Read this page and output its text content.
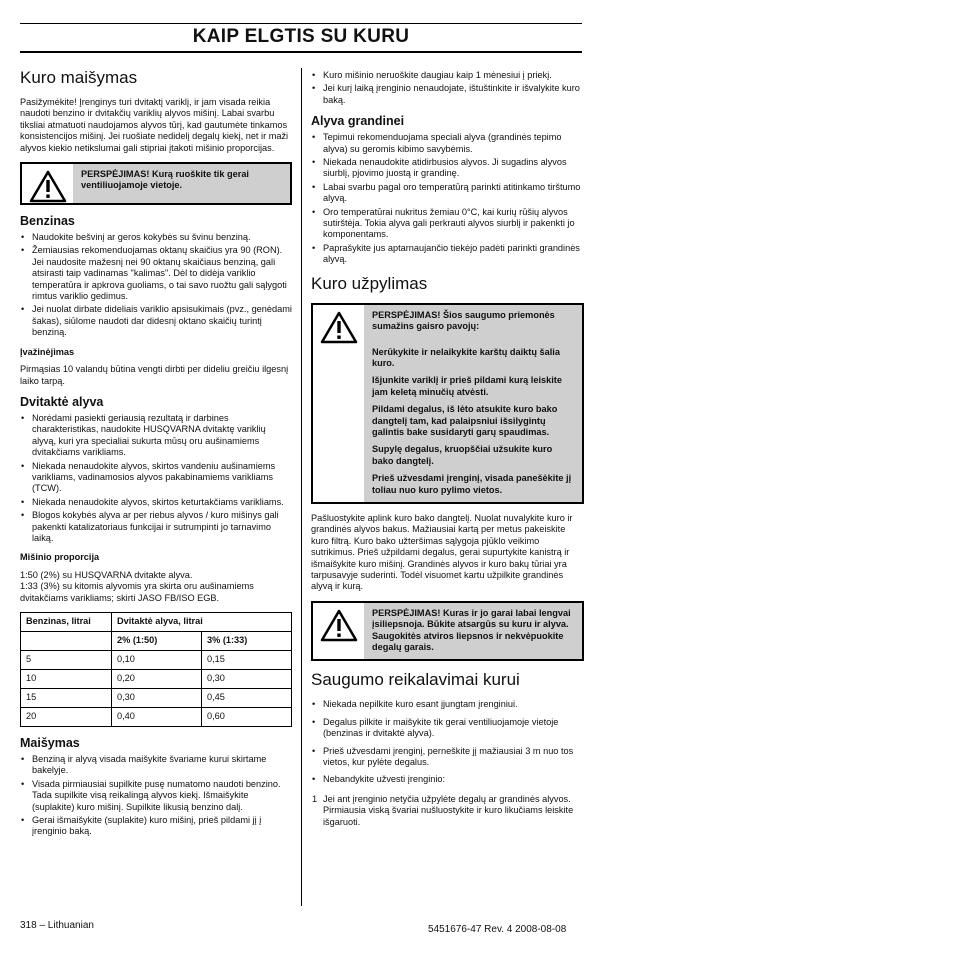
KAIP ELGTIS SU KURU
Kuro maišymas

Pasižymėkite! Įrenginys turi dvitaktį variklį, ir jam visada reikia naudoti benzino ir dvitakčių variklių alyvos mišinį. Labai svarbu tiksliai atmatuoti naudojamos alyvos tūrį, kad gautumėte tinkamos konsistencijos mišinį. Jei ruošiate nedidelį degalų kiekį, net ir maži alyvos kiekio netikslumai gali stipriai įtakoti mišinio proporcijas.

PERSPĖJIMAS! Kurą ruoškite tik gerai ventiliuojamoje vietoje.
Benzinas
• Naudokite bešvinį ar geros kokybės su švinu benziną.
• Žemiausias rekomenduojamas oktanų skaičius yra 90 (RON). Jei naudosite mažesnį nei 90 oktanų skaičiaus benziną, gali atsirasti taip vadinamas "kalimas". Dėl to didėja variklio temperatūra ir apkrova guoliams, o tai savo ruožtu gali sąlygoti rimtus variklio gedimus.
• Jei nuolat dirbate dideliais variklio apsisukimais (pvz., genėdami šakas), siūlome naudoti dar didesnį oktano skaičių turintį benziną.
Įvažinėjimas

Pirmąsias 10 valandų būtina vengti dirbti per dideliu greičiu ilgesnį laiko tarpą.

Dvitaktė alyva
• Norėdami pasiekti geriausią rezultatą ir darbines charakteristikas, naudokite HUSQVARNA dvitaktę variklių alyvą, kuri yra specialiai sukurta mūsų oru aušinamiems dvitakčiams varikliams.
• Niekada nenaudokite alyvos, skirtos vandeniu aušinamiems varikliams, vadinamosios alyvos pakabinamiems varikliams (TCW).
• Niekada nenaudokite alyvos, skirtos keturtakčiams varikliams.
• Blogos kokybės alyva ar per riebus alyvos / kuro mišinys gali pakenkti katalizatoriaus funkcijai ir sutrumpinti jo tarnavimo laiką.
Mišinio proporcija

1:50 (2%) su HUSQVARNA dvitakte alyva.

1:33 (3%) su kitomis alyvomis yra skirta oru aušinamiems dvitakčiams varikliams; skirti JASO FB/ISO EGB.

Benzinas, litrai	Dvitaktė alyva, litrai	
	2% (1:50)	3% (1:33)
5	0,10	0,15
10	0,20	0,30
15	0,30	0,45
20	0,40	0,60
Maišymas
• Benziną ir alyvą visada maišykite švariame kurui skirtame bakelyje.
• Visada pirmiausiai supilkite pusę numatomo naudoti benzino. Tada supilkite visą reikalingą alyvos kiekį. Išmaišykite (suplakite) kuro mišinį. Supilkite likusią benzino dalį.
• Gerai išmaišykite (suplakite) kuro mišinį, prieš pildami jį į įrenginio baką.
• Kuro mišinio neruoškite daugiau kaip 1 mėnesiui į priekį.
• Jei kurį laiką įrenginio nenaudojate, ištuštinkite ir išvalykite kuro baką.
Alyva grandinei
• Tepimui rekomenduojama speciali alyva (grandinės tepimo alyva) su geromis kibimo savybėmis.
• Niekada nenaudokite atidirbusios alyvos. Ji sugadins alyvos siurblį, pjovimo juostą ir grandinę.
• Labai svarbu pagal oro temperatūrą parinkti atitinkamo tirštumo alyvą.
• Oro temperatūrai nukritus žemiau 0°C, kai kurių rūšių alyvos sutirštėja. Tokia alyva gali perkrauti alyvos siurblį ir pakenkti jo komponentams.
• Paprašykite jus aptarnaujančio tiekėjo padėti parinkti grandinės alyvą.
Kuro užpylimas
PERSPĖJIMAS! Šios saugumo priemonės sumažins gaisro pavojų:
Nerūkykite ir nelaikykite karštų daiktų šalia kuro.
Išjunkite variklį ir prieš pildami kurą leiskite jam keletą minučių atvėsti.
Pildami degalus, iš lėto atsukite kuro bako dangtelį tam, kad palaipsniui išsilygintų galintis bake susidaryti garų spaudimas.
Supylę degalus, kruopščiai užsukite kuro bako dangtelį.
Prieš užvesdami įrenginį, visada panešėkite jį toliau nuo kuro pylimo vietos.

Pašluostykite aplink kuro bako dangtelį. Nuolat nuvalykite kuro ir grandinės alyvos bakus. Mažiausiai kartą per metus pakeiskite kuro filtrą. Kuro bako užteršimas sąlygoja pjūklo veikimo sutrikimus. Prieš užpildami degalus, gerai supurtykite kanistrą ir išmaišykite kuro mišinį. Grandinės alyvos ir kuro bakų tūriai yra tarpusavyje suderinti. Todėl visuomet kartu užpilkite grandinės alyvą ir kurą.

PERSPĖJIMAS! Kuras ir jo garai labai lengvai įsiliepsnoja. Būkite atsargūs su kuru ir alyva. Saugokitės atviros liepsnos ir nekvėpuokite degalų garais.
Saugumo reikalavimai kurui
• Niekada nepilkite kuro esant įjungtam įrenginiui.
• Degalus pilkite ir maišykite tik gerai ventiliuojamoje vietoje (benzinas ir dvitaktė alyva).
• Prieš užvesdami įrenginį, perneškite jį mažiausiai 3 m nuo tos vietos, kur pylėte degalus.
• Nebandykite užvesti įrenginio:
1 Jei ant įrenginio netyčia užpylėte degalų ar grandinės alyvos. Pirmiausia viską švariai nušluostykite ir kuro likučiams leiskite išgaruoti.
318 – Lithuanian	5451676-47 Rev. 4 2008-08-08
